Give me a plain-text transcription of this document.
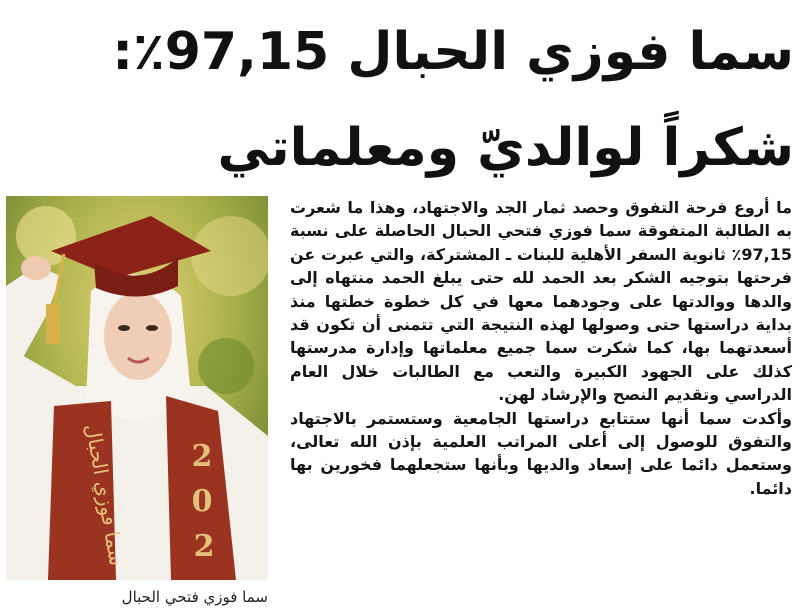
سما فوزي الحبال 97,15٪:
شكراً لوالديّ ومعلماتي
سما فوزي الحبال 2
0
2
سما فوزي فتحي الحبال

ما أروع فرحة التفوق وحصد ثمار الجد والاجتهاد، وهذا ما شعرت به الطالبة المتفوقة سما فوزي فتحي الحبال الحاصلة على نسبة 97,15٪ ثانوية السفر الأهلية للبنات ـ المشتركة، والتي عبرت عن فرحتها بتوجيه الشكر بعد الحمد لله حتى يبلغ الحمد منتهاه إلى والدها ووالدتها على وجودهما معها في كل خطوة خطتها منذ بداية دراستها حتى وصولها لهذه النتيجة التي تتمنى أن تكون قد أسعدتهما بها، كما شكرت سما جميع معلماتها وإدارة مدرستها كذلك على الجهود الكبيرة والتعب مع الطالبات خلال العام الدراسي وتقديم النصح والإرشاد لهن.

وأكدت سما أنها ستتابع دراستها الجامعية وستستمر بالاجتهاد والتفوق للوصول إلى أعلى المراتب العلمية بإذن الله تعالى، وستعمل دائما على إسعاد والديها وبأنها ستجعلهما فخورين بها دائما.
